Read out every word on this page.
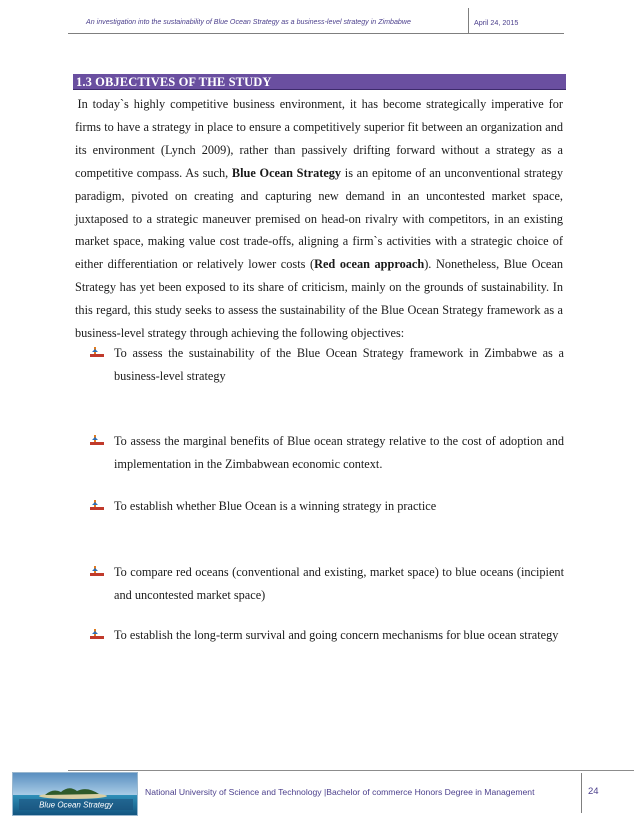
An investigation into the sustainability of Blue Ocean Strategy as a business-level strategy in Zimbabwe	April 24, 2015
1.3 OBJECTIVES OF THE STUDY
 In today`s highly competitive business environment, it has become strategically imperative for firms to have a strategy in place to ensure a competitively superior fit between an organization and its environment (Lynch 2009), rather than passively drifting forward without a strategy as a competitive compass. As such, Blue Ocean Strategy is an epitome of an unconventional strategy paradigm, pivoted on creating and capturing new demand in an uncontested market space, juxtaposed to a strategic maneuver premised on head-on rivalry with competitors, in an existing market space, making value cost trade-offs, aligning a firm`s activities with a strategic choice of either differentiation or relatively lower costs (Red ocean approach). Nonetheless, Blue Ocean Strategy has yet been exposed to its share of criticism, mainly on the grounds of sustainability. In this regard, this study seeks to assess the sustainability of the Blue Ocean Strategy framework as a business-level strategy through achieving the following objectives:
To assess the sustainability of the Blue Ocean Strategy framework in Zimbabwe as a business-level strategy
To assess the marginal benefits of Blue ocean strategy relative to the cost of adoption and implementation in the Zimbabwean economic context.
To establish whether Blue Ocean is a winning strategy in practice
To compare red oceans (conventional and existing, market space) to blue oceans (incipient and uncontested market space)
To establish the long-term survival and going concern mechanisms for blue ocean strategy
Blue Ocean Strategy
National University of Science and Technology |Bachelor of commerce Honors Degree in Management	24
